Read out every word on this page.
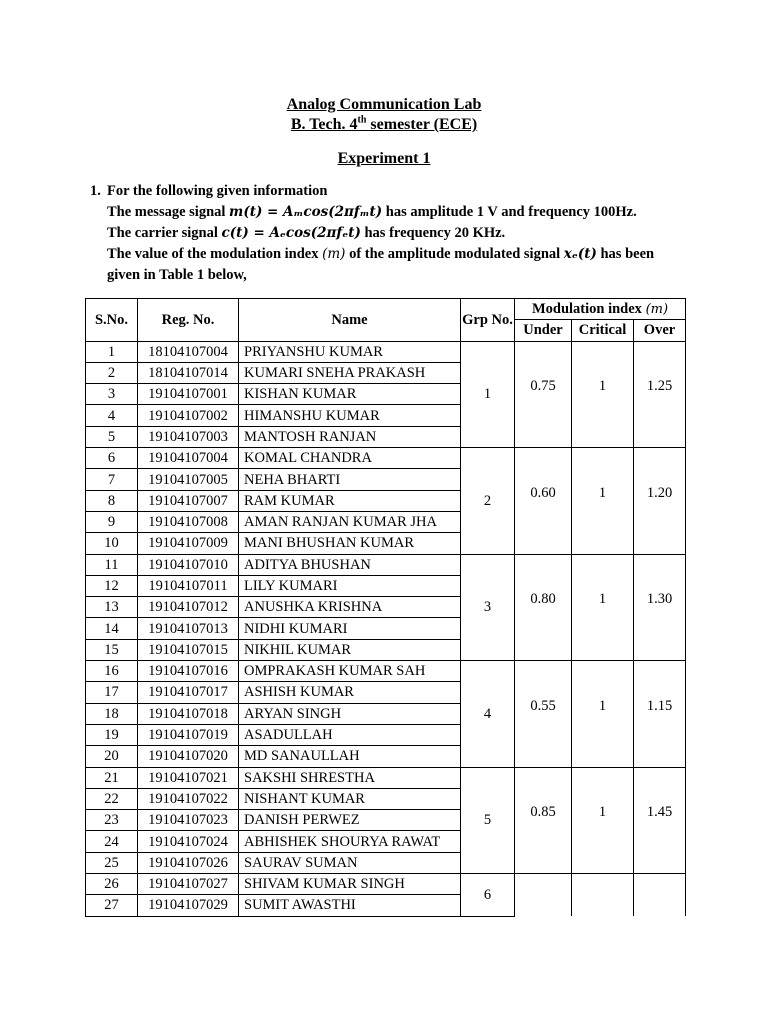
Analog Communication Lab
B. Tech. 4th semester (ECE)
Experiment 1
1. For the following given information
The message signal m(t) = Aₘcos(2πfₘt) has amplitude 1 V and frequency 100Hz.
The carrier signal c(t) = Aₑcos(2πfₑt) has frequency 20 KHz.
The value of the modulation index (m) of the amplitude modulated signal xₑ(t) has been
given in Table 1 below,
S.No.	Reg. No.	Name	Grp No.	Modulation index (m)		
				Under	Critical	Over
1	18104107004	PRIYANSHU KUMAR	1	0.75	1	1.25
2	18104107014	KUMARI SNEHA PRAKASH				
3	19104107001	KISHAN KUMAR				
4	19104107002	HIMANSHU KUMAR				
5	19104107003	MANTOSH RANJAN				
6	19104107004	KOMAL CHANDRA	2	0.60	1	1.20
7	19104107005	NEHA BHARTI				
8	19104107007	RAM KUMAR				
9	19104107008	AMAN RANJAN KUMAR JHA				
10	19104107009	MANI BHUSHAN KUMAR				
11	19104107010	ADITYA BHUSHAN	3	0.80	1	1.30
12	19104107011	LILY KUMARI				
13	19104107012	ANUSHKA KRISHNA				
14	19104107013	NIDHI KUMARI				
15	19104107015	NIKHIL KUMAR				
16	19104107016	OMPRAKASH KUMAR SAH	4	0.55	1	1.15
17	19104107017	ASHISH KUMAR				
18	19104107018	ARYAN SINGH				
19	19104107019	ASADULLAH				
20	19104107020	MD SANAULLAH				
21	19104107021	SAKSHI SHRESTHA	5	0.85	1	1.45
22	19104107022	NISHANT KUMAR				
23	19104107023	DANISH PERWEZ				
24	19104107024	ABHISHEK SHOURYA RAWAT				
25	19104107026	SAURAV SUMAN				
26	19104107027	SHIVAM KUMAR SINGH	6			
27	19104107029	SUMIT AWASTHI				
